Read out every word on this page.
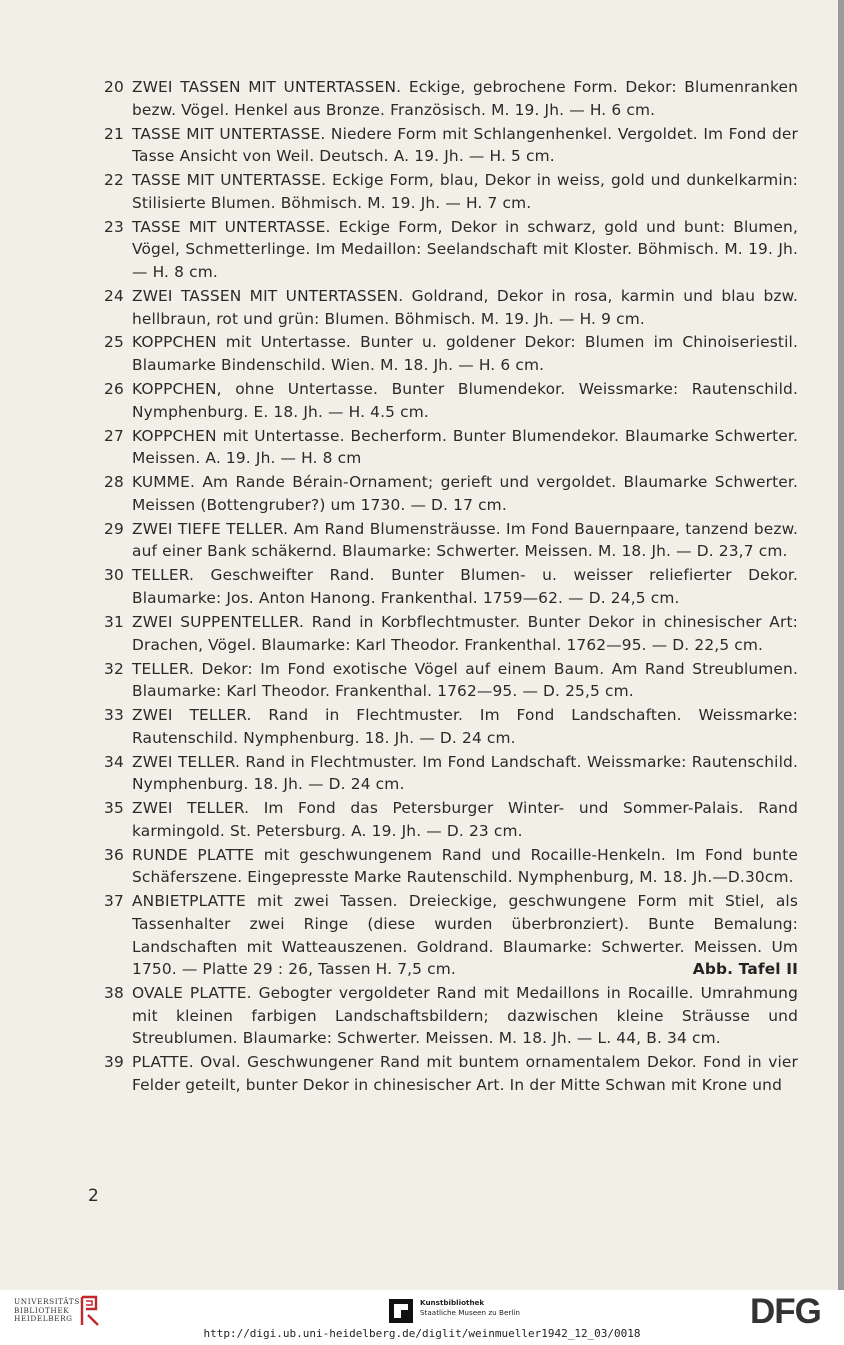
20 ZWEI TASSEN MIT UNTERTASSEN. Eckige, gebrochene Form. Dekor: Blumenranken bezw. Vögel. Henkel aus Bronze. Französisch. M. 19. Jh. — H. 6 cm.
21 TASSE MIT UNTERTASSE. Niedere Form mit Schlangenhenkel. Vergoldet. Im Fond der Tasse Ansicht von Weil. Deutsch. A. 19. Jh. — H. 5 cm.
22 TASSE MIT UNTERTASSE. Eckige Form, blau, Dekor in weiss, gold und dunkelkarmin: Stilisierte Blumen. Böhmisch. M. 19. Jh. — H. 7 cm.
23 TASSE MIT UNTERTASSE. Eckige Form, Dekor in schwarz, gold und bunt: Blumen, Vögel, Schmetterlinge. Im Medaillon: Seelandschaft mit Kloster. Böhmisch. M. 19. Jh. — H. 8 cm.
24 ZWEI TASSEN MIT UNTERTASSEN. Goldrand, Dekor in rosa, karmin und blau bzw. hellbraun, rot und grün: Blumen. Böhmisch. M. 19. Jh. — H. 9 cm.
25 KOPPCHEN mit Untertasse. Bunter u. goldener Dekor: Blumen im Chinoiseriestil. Blaumarke Bindenschild. Wien. M. 18. Jh. — H. 6 cm.
26 KOPPCHEN, ohne Untertasse. Bunter Blumendekor. Weissmarke: Rautenschild. Nymphenburg. E. 18. Jh. — H. 4.5 cm.
27 KOPPCHEN mit Untertasse. Becherform. Bunter Blumendekor. Blaumarke Schwerter. Meissen. A. 19. Jh. — H. 8 cm
28 KUMME. Am Rande Bérain-Ornament; gerieft und vergoldet. Blaumarke Schwerter. Meissen (Bottengruber?) um 1730. — D. 17 cm.
29 ZWEI TIEFE TELLER. Am Rand Blumensträusse. Im Fond Bauernpaare, tanzend bezw. auf einer Bank schäkernd. Blaumarke: Schwerter. Meissen. M. 18. Jh. — D. 23,7 cm.
30 TELLER. Geschweifter Rand. Bunter Blumen- u. weisser reliefierter Dekor. Blaumarke: Jos. Anton Hanong. Frankenthal. 1759—62. — D. 24,5 cm.
31 ZWEI SUPPENTELLER. Rand in Korbflechtmuster. Bunter Dekor in chinesischer Art: Drachen, Vögel. Blaumarke: Karl Theodor. Frankenthal. 1762—95. — D. 22,5 cm.
32 TELLER. Dekor: Im Fond exotische Vögel auf einem Baum. Am Rand Streublumen. Blaumarke: Karl Theodor. Frankenthal. 1762—95. — D. 25,5 cm.
33 ZWEI TELLER. Rand in Flechtmuster. Im Fond Landschaften. Weissmarke: Rautenschild. Nymphenburg. 18. Jh. — D. 24 cm.
34 ZWEI TELLER. Rand in Flechtmuster. Im Fond Landschaft. Weissmarke: Rautenschild. Nymphenburg. 18. Jh. — D. 24 cm.
35 ZWEI TELLER. Im Fond das Petersburger Winter- und Sommer-Palais. Rand karmingold. St. Petersburg. A. 19. Jh. — D. 23 cm.
36 RUNDE PLATTE mit geschwungenem Rand und Rocaille-Henkeln. Im Fond bunte Schäferszene. Eingepresste Marke Rautenschild. Nymphenburg, M. 18. Jh.—D.30cm.
37 ANBIETPLATTE mit zwei Tassen. Dreieckige, geschwungene Form mit Stiel, als Tassenhalter zwei Ringe (diese wurden überbronziert). Bunte Bemalung: Landschaften mit Watteauszenen. Goldrand. Blaumarke: Schwerter. Meissen. Um 1750. — Platte 29 : 26, Tassen H. 7,5 cm.	Abb. Tafel II
38 OVALE PLATTE. Gebogter vergoldeter Rand mit Medaillons in Rocaille. Umrahmung mit kleinen farbigen Landschaftsbildern; dazwischen kleine Sträusse und Streublumen. Blaumarke: Schwerter. Meissen. M. 18. Jh. — L. 44, B. 34 cm.
39 PLATTE. Oval. Geschwungener Rand mit buntem ornamentalem Dekor. Fond in vier Felder geteilt, bunter Dekor in chinesischer Art. In der Mitte Schwan mit Krone und
2
UNIVERSITÄTS-
BIBLIOTHEK
HEIDELBERG
Kunstbibliothek
Staatliche Museen zu Berlin	DFG
http://digi.ub.uni-heidelberg.de/diglit/weinmueller1942_12_03/0018
